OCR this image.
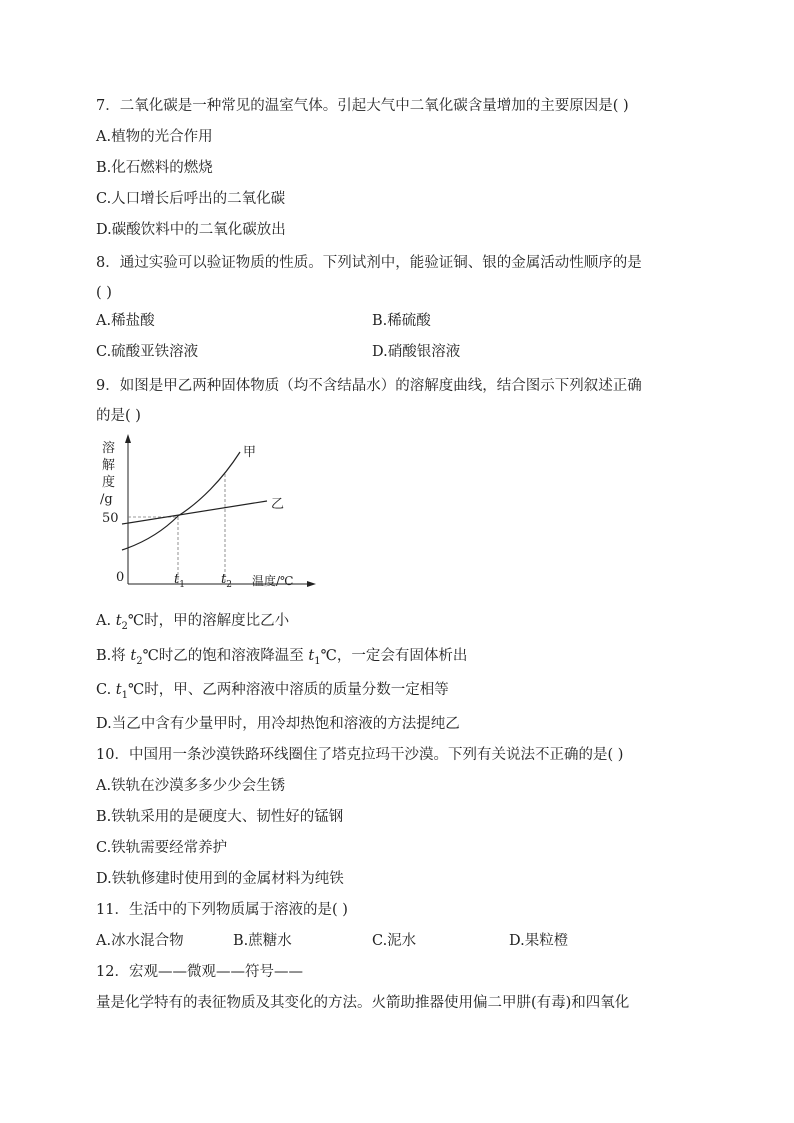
7．二氧化碳是一种常见的温室气体。引起大气中二氧化碳含量增加的主要原因是( )
A.植物的光合作用
B.化石燃料的燃烧
C.人口增长后呼出的二氧化碳
D.碳酸饮料中的二氧化碳放出
8．通过实验可以验证物质的性质。下列试剂中，能验证铜、银的金属活动性顺序的是
( )
A.稀盐酸	B.稀硫酸
C.硫酸亚铁溶液	D.硝酸银溶液
9．如图是甲乙两种固体物质（均不含结晶水）的溶解度曲线，结合图示下列叙述正确
的是( )
溶
解
度
/g
50
甲
乙
0	$t_1$	$t_2$ 温度/℃
A. $t_2℃$时，甲的溶解度比乙小
B.将 $t_2℃$时乙的饱和溶液降温至 $t_1℃$，一定会有固体析出
C. $t_1℃$时，甲、乙两种溶液中溶质的质量分数一定相等
D.当乙中含有少量甲时，用冷却热饱和溶液的方法提纯乙
10．中国用一条沙漠铁路环线圈住了塔克拉玛干沙漠。下列有关说法不正确的是( )
A.铁轨在沙漠多多少少会生锈
B.铁轨采用的是硬度大、韧性好的锰钢
C.铁轨需要经常养护
D.铁轨修建时使用到的金属材料为纯铁
11．生活中的下列物质属于溶液的是( )
A.冰水混合物	B.蔗糖水	C.泥水	D.果粒橙
12．宏观——微观——符号——
量是化学特有的表征物质及其变化的方法。火箭助推器使用偏二甲肼(有毒)和四氧化
